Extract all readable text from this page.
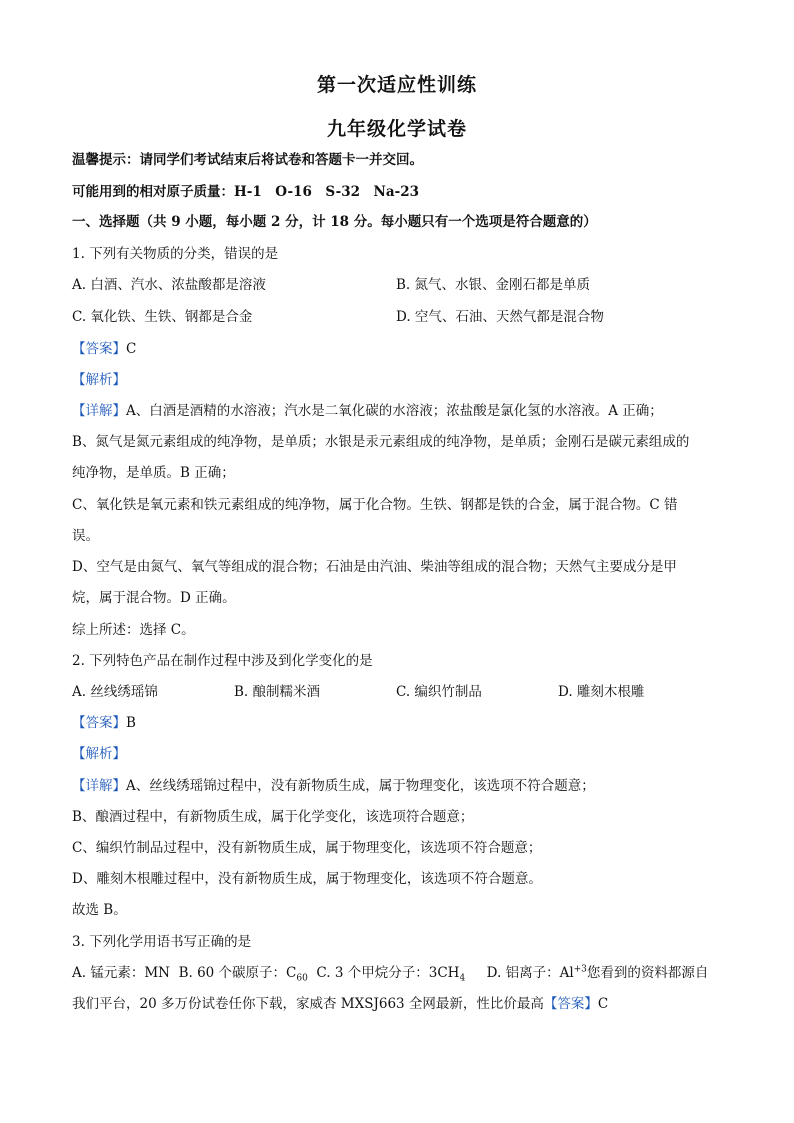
第一次适应性训练
九年级化学试卷
温馨提示：请同学们考试结束后将试卷和答题卡一并交回。
可能用到的相对原子质量：H-1　O-16　S-32　Na-23
一、选择题（共 9 小题，每小题 2 分，计 18 分。每小题只有一个选项是符合题意的）
1. 下列有关物质的分类，错误的是
A. 白酒、汽水、浓盐酸都是溶液	B. 氮气、水银、金刚石都是单质
C. 氧化铁、生铁、钢都是合金	D. 空气、石油、天然气都是混合物
【答案】C
【解析】
【详解】A、白酒是酒精的水溶液；汽水是二氧化碳的水溶液；浓盐酸是氯化氢的水溶液。A 正确；
B、氮气是氮元素组成的纯净物，是单质；水银是汞元素组成的纯净物，是单质；金刚石是碳元素组成的
纯净物，是单质。B 正确；
C、氧化铁是氧元素和铁元素组成的纯净物，属于化合物。生铁、钢都是铁的合金，属于混合物。C 错
误。
D、空气是由氮气、氧气等组成的混合物；石油是由汽油、柴油等组成的混合物；天然气主要成分是甲
烷，属于混合物。D 正确。
综上所述：选择 C。
2. 下列特色产品在制作过程中涉及到化学变化的是
A. 丝线绣瑶锦	B. 酿制糯米酒	C. 编织竹制品	D. 雕刻木根雕
【答案】B
【解析】
【详解】A、丝线绣瑶锦过程中，没有新物质生成，属于物理变化，该选项不符合题意；
B、酿酒过程中，有新物质生成，属于化学变化，该选项符合题意；
C、编织竹制品过程中，没有新物质生成，属于物理变化，该选项不符合题意；
D、雕刻木根雕过程中，没有新物质生成，属于物理变化，该选项不符合题意。
故选 B。
3. 下列化学用语书写正确的是
A. 锰元素：MN B. 60 个碳原子：$C_{60}$ C. 3 个甲烷分子：$3CH_4$ D. 铝离子：$Al^{+3}$您看到的资料都源自
我们平台，20 多万份试卷任你下载，家威杏 MXSJ663 全网最新，性比价最高【答案】C
